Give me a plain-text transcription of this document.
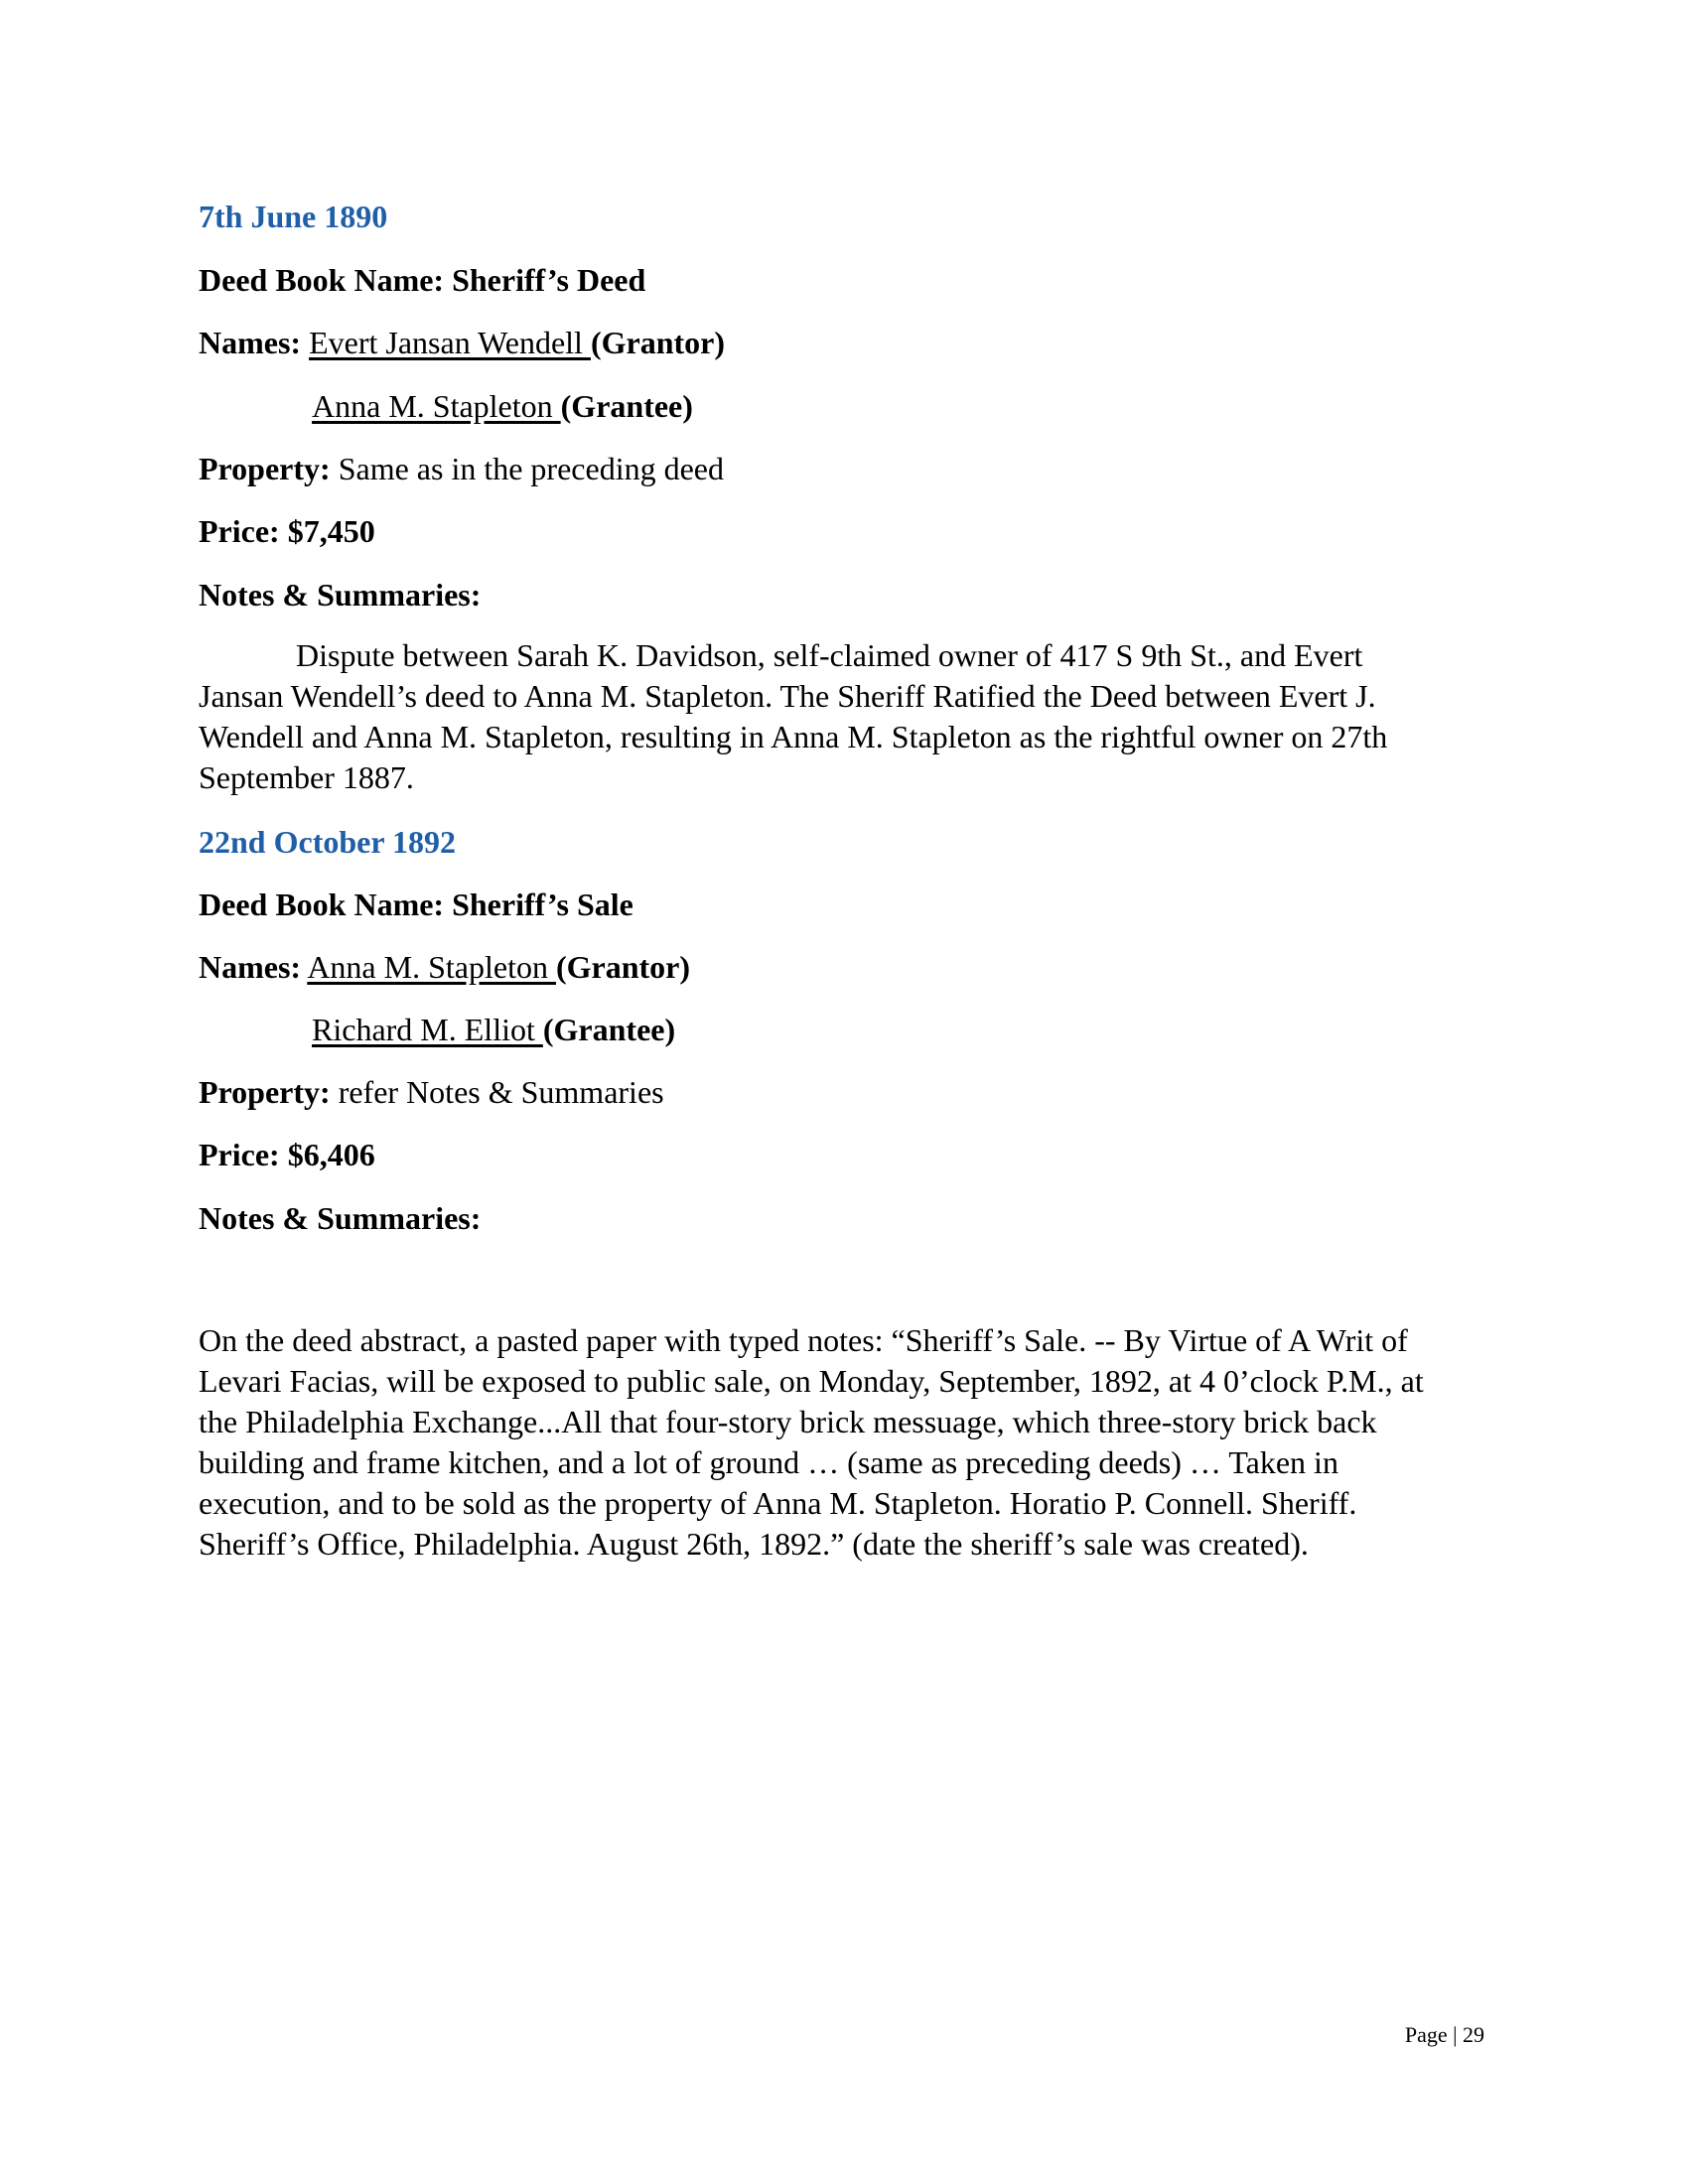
7th June 1890
Deed Book Name: Sheriff’s Deed
Names: Evert Jansan Wendell (Grantor)
Anna M. Stapleton (Grantee)
Property: Same as in the preceding deed
Price: $7,450
Notes & Summaries:

Dispute between Sarah K. Davidson, self-claimed owner of 417 S 9th St., and Evert

Jansan Wendell’s deed to Anna M. Stapleton. The Sheriff Ratified the Deed between Evert J.

Wendell and Anna M. Stapleton, resulting in Anna M. Stapleton as the rightful owner on 27th

September 1887.

22nd October 1892
Deed Book Name: Sheriff’s Sale
Names: Anna M. Stapleton (Grantor)
Richard M. Elliot (Grantee)
Property: refer Notes & Summaries
Price: $6,406
Notes & Summaries:

On the deed abstract, a pasted paper with typed notes: “Sheriff’s Sale. -- By Virtue of A Writ of

Levari Facias, will be exposed to public sale, on Monday, September, 1892, at 4 0’clock P.M., at

the Philadelphia Exchange...All that four-story brick messuage, which three-story brick back

building and frame kitchen, and a lot of ground … (same as preceding deeds) … Taken in

execution, and to be sold as the property of Anna M. Stapleton. Horatio P. Connell. Sheriff.

Sheriff’s Office, Philadelphia. August 26th, 1892.” (date the sheriff’s sale was created).

Page | 29
